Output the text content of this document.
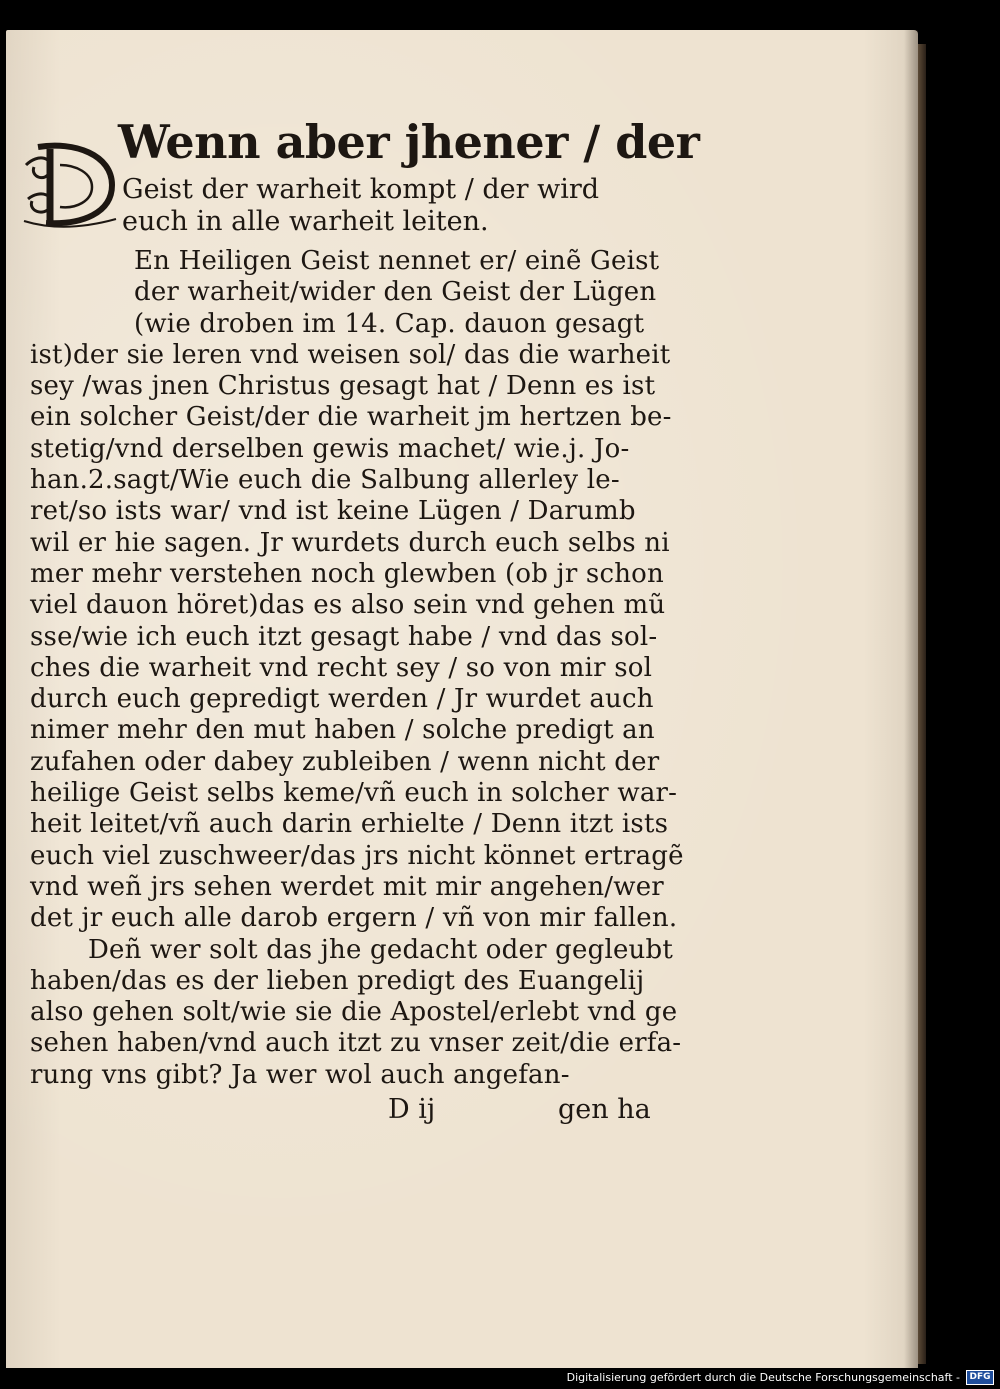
Wenn aber jhener / der
Geist der warheit kompt / der wird
euch in alle warheit leiten.
En Heiligen Geist nennet er/ einẽ Geist
der warheit/wider den Geist der Lügen
(wie droben im 14. Cap. dauon gesagt
ist)der sie leren vnd weisen sol/ das die warheit
sey /was jnen Christus gesagt hat / Denn es ist
ein solcher Geist/der die warheit jm hertzen be-
stetig/vnd derselben gewis machet/ wie.j. Jo-
han.2.sagt/Wie euch die Salbung allerley le-
ret/so ists war/ vnd ist keine Lügen / Darumb
wil er hie sagen. Jr wurdets durch euch selbs ni
mer mehr verstehen noch glewben (ob jr schon
viel dauon höret)das es also sein vnd gehen mũ
sse/wie ich euch itzt gesagt habe / vnd das sol-
ches die warheit vnd recht sey / so von mir sol
durch euch gepredigt werden / Jr wurdet auch
nimer mehr den mut haben / solche predigt an
zufahen oder dabey zubleiben / wenn nicht der
heilige Geist selbs keme/vñ euch in solcher war-
heit leitet/vñ auch darin erhielte / Denn itzt ists
euch viel zuschweer/das jrs nicht könnet ertragẽ
vnd weñ jrs sehen werdet mit mir angehen/wer
det jr euch alle darob ergern / vñ von mir fallen.
Deñ wer solt das jhe gedacht oder gegleubt
haben/das es der lieben predigt des Euangelij
also gehen solt/wie sie die Apostel/erlebt vnd ge
sehen haben/vnd auch itzt zu vnser zeit/die erfa-
rung vns gibt? Ja wer wol auch angefan-
D ij	gen ha
Digitalisierung gefördert durch die Deutsche Forschungsgemeinschaft -	DFG
